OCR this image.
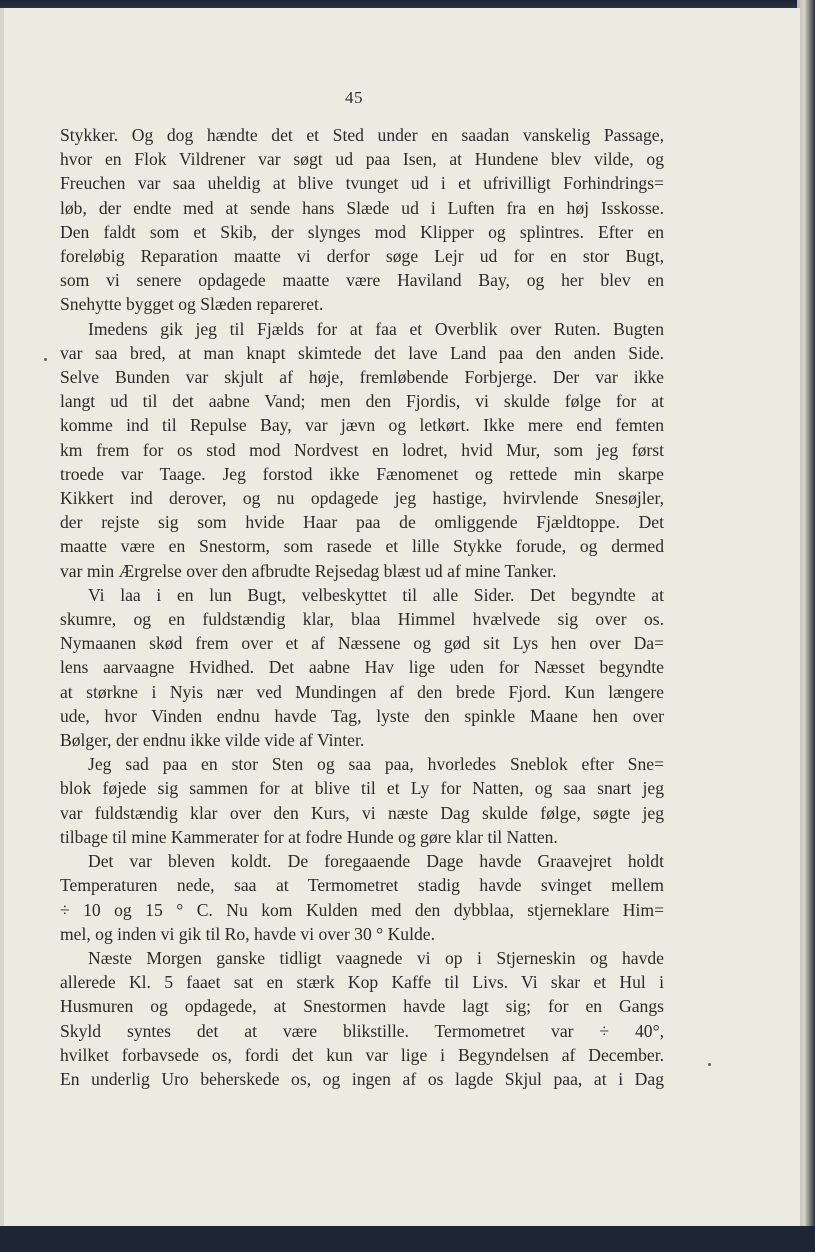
45

Stykker. Og dog hændte det et Sted under en saadan vanskelig Passage,
hvor en Flok Vildrener var søgt ud paa Isen, at Hundene blev vilde, og
Freuchen var saa uheldig at blive tvunget ud i et ufrivilligt Forhindrings=
løb, der endte med at sende hans Slæde ud i Luften fra en høj Isskosse.
Den faldt som et Skib, der slynges mod Klipper og splintres. Efter en
foreløbig Reparation maatte vi derfor søge Lejr ud for en stor Bugt,
som vi senere opdagede maatte være Haviland Bay, og her blev en
Snehytte bygget og Slæden repareret.

Imedens gik jeg til Fjælds for at faa et Overblik over Ruten. Bugten
var saa bred, at man knapt skimtede det lave Land paa den anden Side.
Selve Bunden var skjult af høje, fremløbende Forbjerge. Der var ikke
langt ud til det aabne Vand; men den Fjordis, vi skulde følge for at
komme ind til Repulse Bay, var jævn og letkørt. Ikke mere end femten
km frem for os stod mod Nordvest en lodret, hvid Mur, som jeg først
troede var Taage. Jeg forstod ikke Fænomenet og rettede min skarpe
Kikkert ind derover, og nu opdagede jeg hastige, hvirvlende Snesøjler,
der rejste sig som hvide Haar paa de omliggende Fjældtoppe. Det
maatte være en Snestorm, som rasede et lille Stykke forude, og dermed
var min Ærgrelse over den afbrudte Rejsedag blæst ud af mine Tanker.

Vi laa i en lun Bugt, velbeskyttet til alle Sider. Det begyndte at
skumre, og en fuldstændig klar, blaa Himmel hvælvede sig over os.
Nymaanen skød frem over et af Næssene og gød sit Lys hen over Da=
lens aarvaagne Hvidhed. Det aabne Hav lige uden for Næsset begyndte
at størkne i Nyis nær ved Mundingen af den brede Fjord. Kun længere
ude, hvor Vinden endnu havde Tag, lyste den spinkle Maane hen over
Bølger, der endnu ikke vilde vide af Vinter.

Jeg sad paa en stor Sten og saa paa, hvorledes Sneblok efter Sne=
blok føjede sig sammen for at blive til et Ly for Natten, og saa snart jeg
var fuldstændig klar over den Kurs, vi næste Dag skulde følge, søgte jeg
tilbage til mine Kammerater for at fodre Hunde og gøre klar til Natten.

Det var bleven koldt. De foregaaende Dage havde Graavejret holdt
Temperaturen nede, saa at Termometret stadig havde svinget mellem
÷ 10 og 15 ° C. Nu kom Kulden med den dybblaa, stjerneklare Him=
mel, og inden vi gik til Ro, havde vi over 30 ° Kulde.

Næste Morgen ganske tidligt vaagnede vi op i Stjerneskin og havde
allerede Kl. 5 faaet sat en stærk Kop Kaffe til Livs. Vi skar et Hul i
Husmuren og opdagede, at Snestormen havde lagt sig; for en Gangs
Skyld syntes det at være blikstille. Termometret var ÷ 40°,
hvilket forbavsede os, fordi det kun var lige i Begyndelsen af December.
En underlig Uro beherskede os, og ingen af os lagde Skjul paa, at i Dag
